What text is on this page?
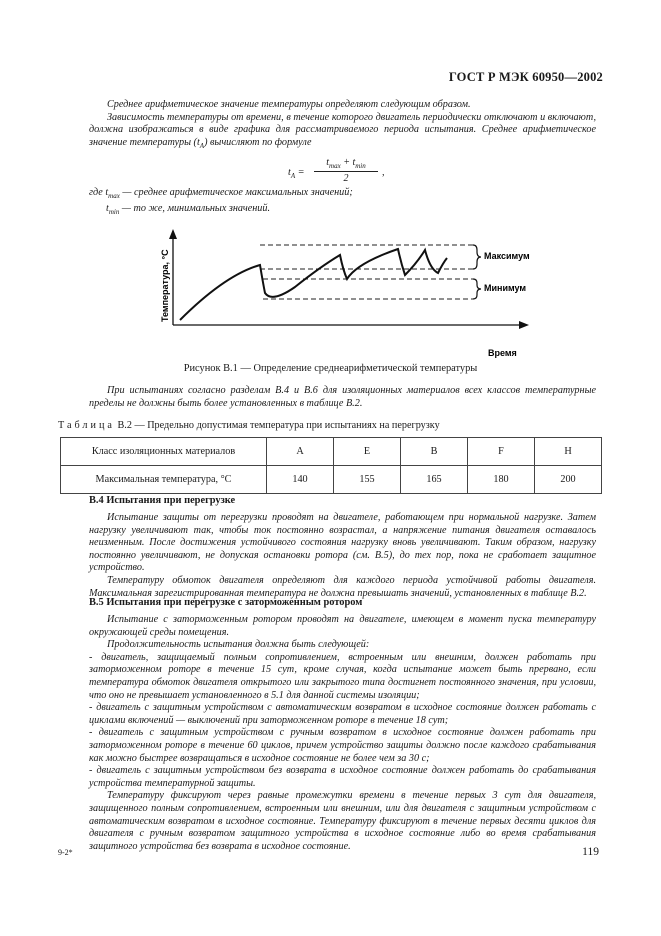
ГОСТ Р МЭК 60950—2002

Среднее арифметическое значение температуры определяют следующим образом.

Зависимость температуры от времени, в течение которого двигатель периодически отключают и включают, должна изображаться в виде графика для рассматриваемого периода испытания. Среднее арифметическое значение температуры $(t_A)$ вычисляют по формуле

$t_A$ =
$t_{max} + t_{min}$
2
,

где $t_{max}$ — среднее арифметическое максимальных значений;

$t_{min}$ — то же, минимальных значений.

Температура, °С	Максимум
Минимум
Время
Рисунок В.1 — Определение среднеарифметической температуры

При испытаниях согласно разделам В.4 и В.6 для изоляционных материалов всех классов температурные пределы не должны быть более установленных в таблице В.2.

Таблица В.2 — Предельно допустимая температура при испытаниях на перегрузку
Класс изоляционных материалов	A	E	B	F	H
Максимальная температура, °С	140	155	165	180	200
В.4 Испытания при перегрузке

Испытание защиты от перегрузки проводят на двигателе, работающем при нормальной нагрузке. Затем нагрузку увеличивают так, чтобы ток постоянно возрастал, а напряжение питания двигателя оставалось неизменным. После достижения устойчивого состояния нагрузку вновь увеличивают. Таким образом, нагрузку постоянно увеличивают, не допуская остановки ротора (см. В.5), до тех пор, пока не сработает защитное устройство.

Температуру обмоток двигателя определяют для каждого периода устойчивой работы двигателя. Максимальная зарегистрированная температура не должна превышать значений, установленных в таблице В.2.

В.5 Испытания при перегрузке с заторможенным ротором

Испытание с заторможенным ротором проводят на двигателе, имеющем в момент пуска температуру окружающей среды помещения.

Продолжительность испытания должна быть следующей:

- двигатель, защищаемый полным сопротивлением, встроенным или внешним, должен работать при заторможенном роторе в течение 15 сут, кроме случая, когда испытание может быть прервано, если температура обмоток двигателя открытого или закрытого типа достигнет постоянного значения, при условии, что оно не превышает установленного в 5.1 для данной системы изоляции;

- двигатель с защитным устройством с автоматическим возвратом в исходное состояние должен работать с циклами включений — выключений при заторможенном роторе в течение 18 сут;

- двигатель с защитным устройством с ручным возвратом в исходное состояние должен работать при заторможенном роторе в течение 60 циклов, причем устройство защиты должно после каждого срабатывания как можно быстрее возвращаться в исходное состояние не более чем за 30 с;

- двигатель с защитным устройством без возврата в исходное состояние должен работать до срабатывания устройства температурной защиты.

Температуру фиксируют через равные промежутки времени в течение первых 3 сут для двигателя, защищенного полным сопротивлением, встроенным или внешним, или для двигателя с защитным устройством с автоматическим возвратом в исходное состояние. Температуру фиксируют в течение первых десяти циклов для двигателя с ручным возвратом защитного устройства в исходное состояние либо во время срабатывания защитного устройства без возврата в исходное состояние.

9-2*	119
